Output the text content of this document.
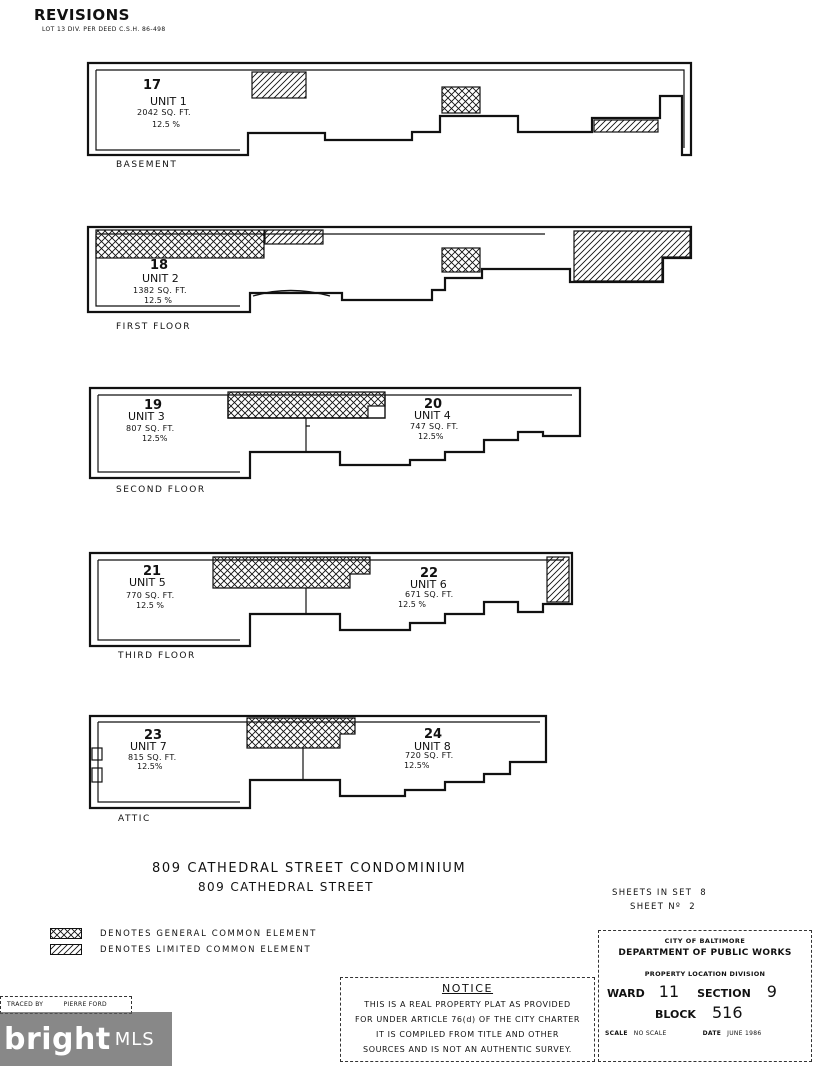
REVISIONS
LOT 13 DIV. PER DEED C.S.H. 86-498
17
UNIT 1
2042 SQ. FT.
12.5 %
BASEMENT
18
UNIT 2
1382 SQ. FT.
12.5 %
FIRST FLOOR
19
UNIT 3
807 SQ. FT.
12.5%
20
UNIT 4
747 SQ. FT.
12.5%
SECOND FLOOR
21
UNIT 5
770 SQ. FT.
12.5 %
22
UNIT 6
671 SQ. FT.
12.5 %
THIRD FLOOR
23
UNIT 7
815 SQ. FT.
12.5%
24
UNIT 8
720 SQ. FT.
12.5%
ATTIC
809 CATHEDRAL STREET CONDOMINIUM
809 CATHEDRAL STREET	SHEETS IN SET 8
SHEET Nº 2
DENOTES GENERAL COMMON ELEMENT
DENOTES LIMITED COMMON ELEMENT
NOTICE
THIS IS A REAL PROPERTY PLAT AS PROVIDED
FOR UNDER ARTICLE 76(d) OF THE CITY CHARTER
IT IS COMPILED FROM TITLE AND OTHER
SOURCES AND IS NOT AN AUTHENTIC SURVEY.
CITY OF BALTIMORE
DEPARTMENT OF PUBLIC WORKS
PROPERTY LOCATION DIVISION
WARD 11 SECTION 9
BLOCK 516
SCALE NO SCALE	DATE JUNE 1986
TRACED BY	PIERRE FORD
bright MLS
